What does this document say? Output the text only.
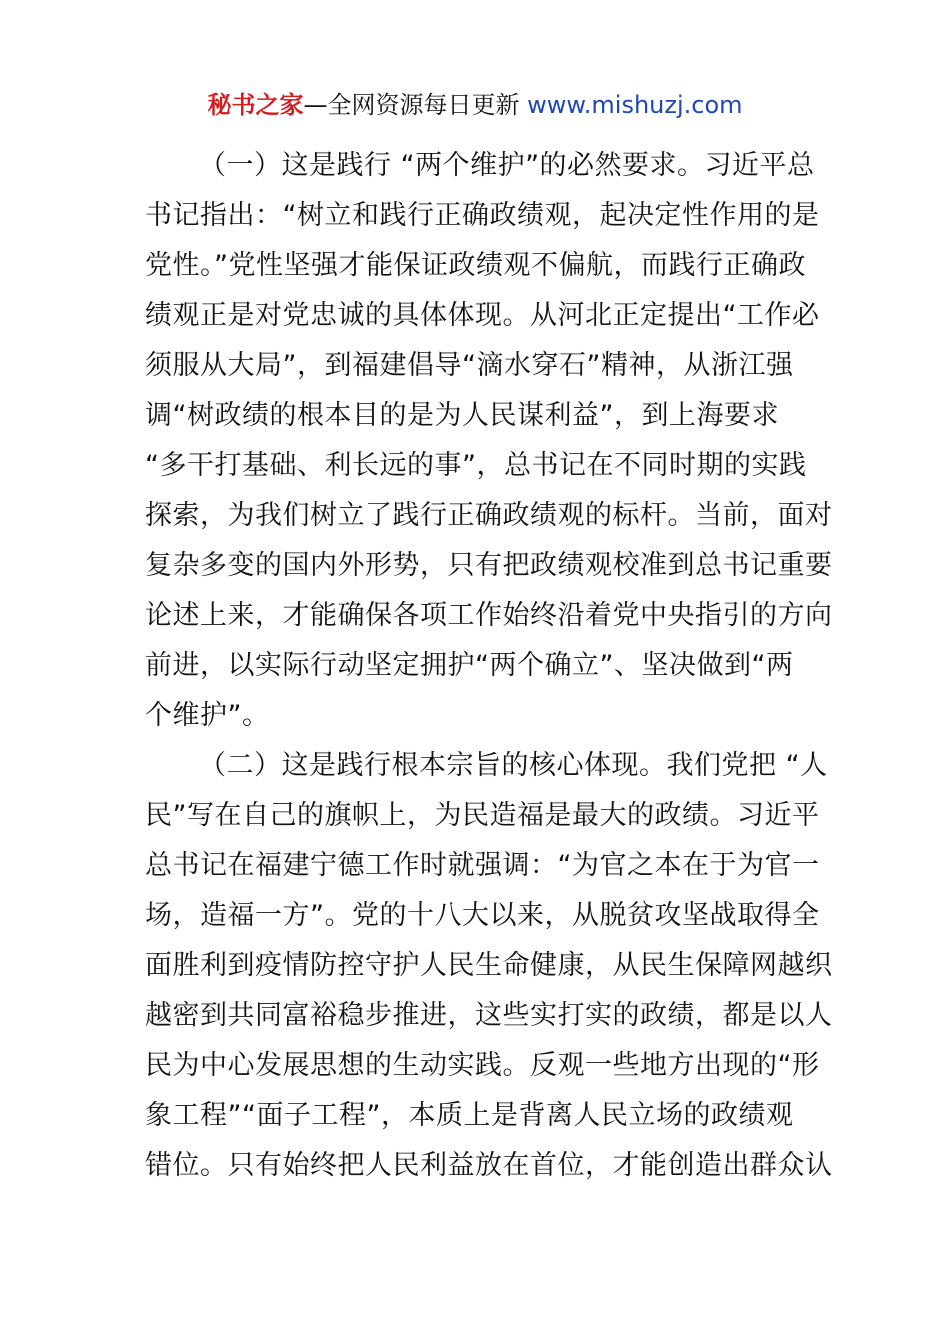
秘书之家—全网资源每日更新 www.mishuzj.com
（一）这是践行 “两个维护”的必然要求。习近平总
书记指出：“树立和践行正确政绩观，起决定性作用的是
党性。”党性坚强才能保证政绩观不偏航，而践行正确政
绩观正是对党忠诚的具体体现。从河北正定提出“工作必
须服从大局”，到福建倡导“滴水穿石”精神，从浙江强
调“树政绩的根本目的是为人民谋利益”，到上海要求
“多干打基础、利长远的事”，总书记在不同时期的实践
探索，为我们树立了践行正确政绩观的标杆。当前，面对
复杂多变的国内外形势，只有把政绩观校准到总书记重要
论述上来，才能确保各项工作始终沿着党中央指引的方向
前进，以实际行动坚定拥护“两个确立”、坚决做到“两
个维护”。
（二）这是践行根本宗旨的核心体现。我们党把 “人
民”写在自己的旗帜上，为民造福是最大的政绩。习近平
总书记在福建宁德工作时就强调：“为官之本在于为官一
场，造福一方”。党的十八大以来，从脱贫攻坚战取得全
面胜利到疫情防控守护人民生命健康，从民生保障网越织
越密到共同富裕稳步推进，这些实打实的政绩，都是以人
民为中心发展思想的生动实践。反观一些地方出现的“形
象工程”“面子工程”，本质上是背离人民立场的政绩观
错位。只有始终把人民利益放在首位，才能创造出群众认
